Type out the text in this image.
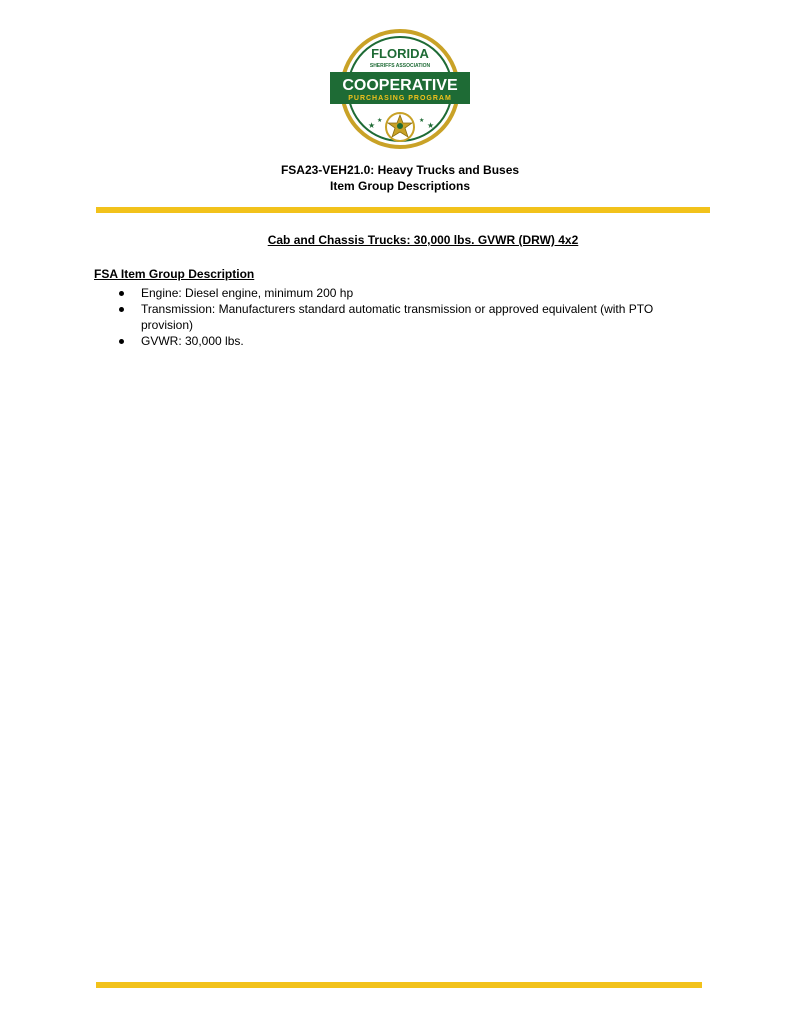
FLORIDA
SHERIFFS ASSOCIATION
COOPERATIVE
PURCHASING PROGRAM
★	★
★	★
FSA23-VEH21.0: Heavy Trucks and Buses
Item Group Descriptions
Cab and Chassis Trucks: 30,000 lbs. GVWR (DRW) 4x2
FSA Item Group Description
Engine: Diesel engine, minimum 200 hp
Transmission: Manufacturers standard automatic transmission or approved equivalent (with PTO provision)
GVWR: 30,000 lbs.
